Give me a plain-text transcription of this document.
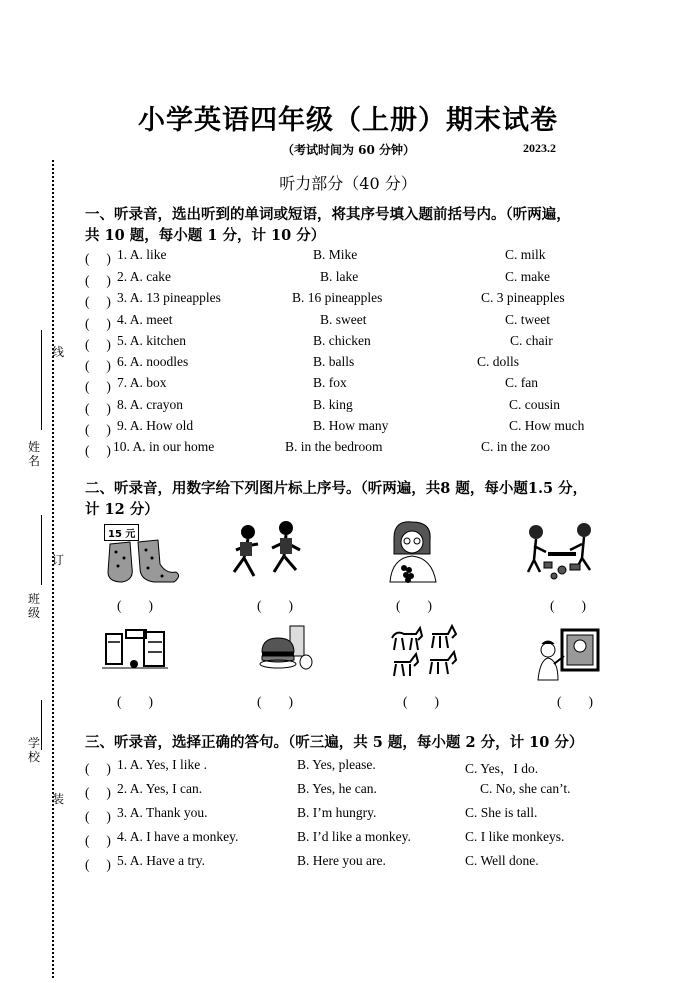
姓名
线
班级
订
学校
装
小学英语四年级（上册）期末试卷
（考试时间为 60 分钟）	2023.2
听力部分（40 分）
一、听录音，选出听到的单词或短语，将其序号填入题前括号内。（听两遍，
共 10 题，每小题 1 分，计 10 分）
(　 ) 1. A. like	B. Mike	C. milk
(　 ) 2. A. cake	B. lake	C. make
(　 ) 3. A. 13 pineapples	B. 16 pineapples	C. 3 pineapples
(　 ) 4. A. meet	B. sweet	C. tweet
(　 ) 5. A. kitchen	B. chicken	C. chair
(　 ) 6. A. noodles	B. balls	C. dolls
(　 ) 7. A. box	B. fox	C. fan
(　 ) 8. A. crayon	B. king	C. cousin
(　 ) 9. A. How old	B. How many	C. How much
(　 ) 10. A. in our home	B. in the bedroom	C. in the zoo
二、听录音，用数字给下列图片标上序号。（听两遍，共8 题，每小题1.5 分，
计 12 分）
15 元
(　　)	(　　)	(　　)	(　　)
(　　)	(　　)	(　　)	(　　)
三、听录音，选择正确的答句。（听三遍，共 5 题，每小题 2 分，计 10 分）
(　 ) 1. A. Yes, I like .	B. Yes, please.	C. Yes，I do.
(　 ) 2. A. Yes, I can.	B. Yes, he can.	C. No, she can’t.
(　 ) 3. A. Thank you.	B. I’m hungry.	C. She is tall.
(　 ) 4. A. I have a monkey.	B. I’d like a monkey.	C. I like monkeys.
(　 ) 5. A. Have a try.	B. Here you are.	C. Well done.
